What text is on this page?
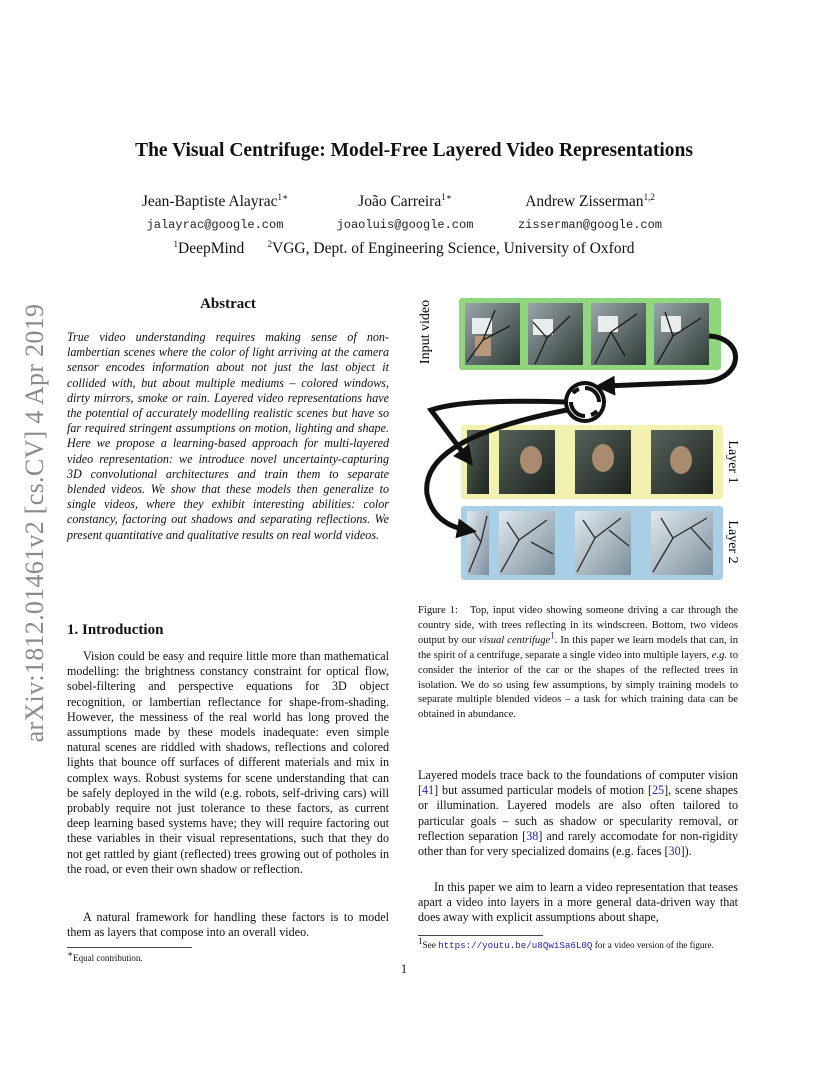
arXiv:1812.01461v2 [cs.CV] 4 Apr 2019
The Visual Centrifuge: Model-Free Layered Video Representations
Jean-Baptiste Alayrac$^{1∗}$	João Carreira$^{1∗}$	Andrew Zisserman$^{1,2}$
jalayrac@google.com	joaoluis@google.com	zisserman@google.com
$^1$DeepMind	$^2$VGG, Dept. of Engineering Science, University of Oxford
Abstract
True video understanding requires making sense of non-lambertian scenes where the color of light arriving at the camera sensor encodes information about not just the last object it collided with, but about multiple mediums – colored windows, dirty mirrors, smoke or rain. Layered video representations have the potential of accurately modelling realistic scenes but have so far required stringent assumptions on motion, lighting and shape. Here we propose a learning-based approach for multi-layered video representation: we introduce novel uncertainty-capturing 3D convolutional architectures and train them to separate blended videos. We show that these models then generalize to single videos, where they exhibit interesting abilities: color constancy, factoring out shadows and separating reflections. We present quantitative and qualitative results on real world videos.
1. Introduction
Vision could be easy and require little more than mathematical modelling: the brightness constancy constraint for optical flow, sobel-filtering and perspective equations for 3D object recognition, or lambertian reflectance for shape-from-shading. However, the messiness of the real world has long proved the assumptions made by these models inadequate: even simple natural scenes are riddled with shadows, reflections and colored lights that bounce off surfaces of different materials and mix in complex ways. Robust systems for scene understanding that can be safely deployed in the wild (e.g. robots, self-driving cars) will probably require not just tolerance to these factors, as current deep learning based systems have; they will require factoring out these variables in their visual representations, such that they do not get rattled by giant (reflected) trees growing out of potholes in the road, or even their own shadow or reflection.
A natural framework for handling these factors is to model them as layers that compose into an overall video.
∗Equal contribution.
Input video
Layer 1
Layer 2
Figure 1: Top, input video showing someone driving a car through the country side, with trees reflecting in its windscreen. Bottom, two videos output by our visual centrifuge$^1$. In this paper we learn models that can, in the spirit of a centrifuge, separate a single video into multiple layers, e.g. to consider the interior of the car or the shapes of the reflected trees in isolation. We do so using few assumptions, by simply training models to separate multiple blended videos – a task for which training data can be obtained in abundance.
Layered models trace back to the foundations of computer vision [41] but assumed particular models of motion [25], scene shapes or illumination. Layered models are also often tailored to particular goals – such as shadow or specularity removal, or reflection separation [38] and rarely accomodate for non-rigidity other than for very specialized domains (e.g. faces [30]).
In this paper we aim to learn a video representation that teases apart a video into layers in a more general data-driven way that does away with explicit assumptions about shape,
$^1$See https://youtu.be/u8QwiSa6L0Q for a video version of the figure.
1
